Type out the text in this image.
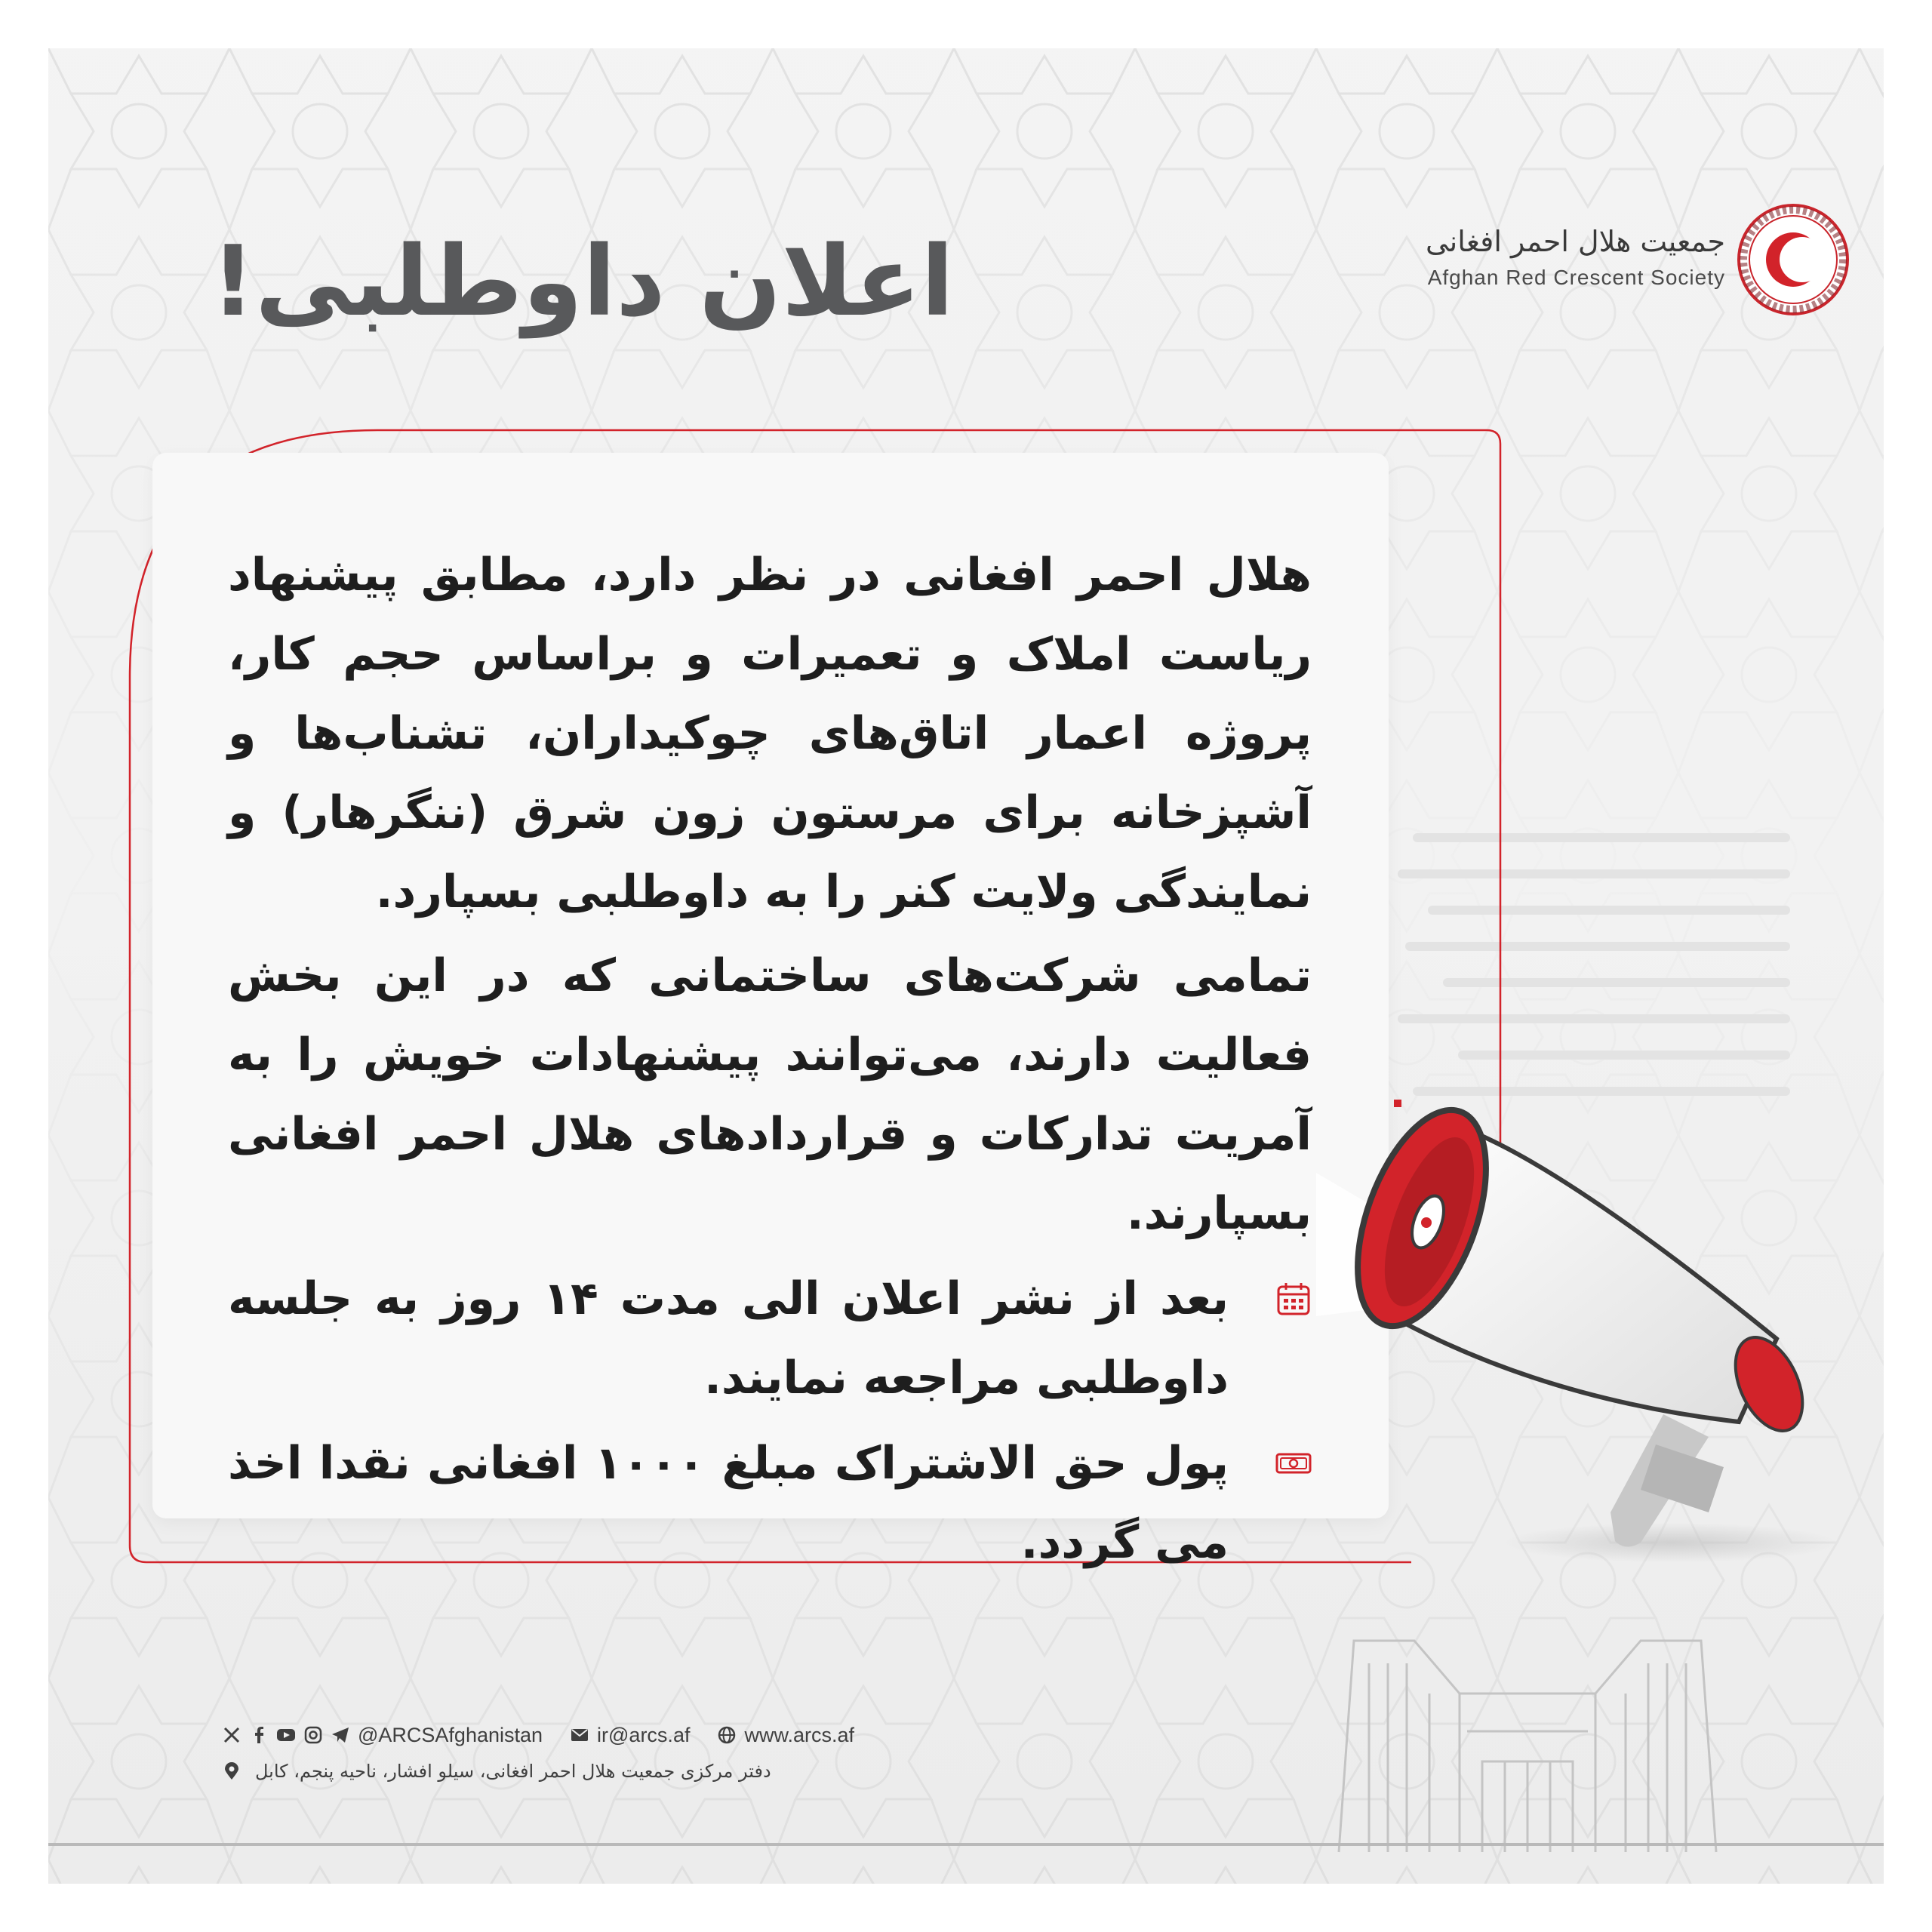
اعلان داوطلبی!	جمعیت هلال احمر افغانی
Afghan Red Crescent Society

هلال احمر افغانی در نظر دارد، مطابق پیشنهاد ریاست املاک و تعمیرات و براساس حجم کار، پروژه اعمار اتاق‌های چوکیداران، تشناب‌ها و آشپزخانه برای مرستون زون شرق (ننگرهار) و نمایندگی ولایت کنر را به داوطلبی بسپارد.

تمامی شرکت‌های ساختمانی که در این بخش فعالیت دارند، می‌توانند پیشنهادات خویش را به آمریت تدارکات و قراردادهای هلال احمر افغانی بسپارند.

بعد از نشر اعلان الی مدت ۱۴ روز به جلسه داوطلبی مراجعه نمایند.
پول حق الاشتراک مبلغ ۱۰۰۰ افغانی نقدا اخذ می گردد.
@ARCSAfghanistan	ir@arcs.af	www.arcs.af
دفتر مرکزی جمعیت هلال احمر افغانی، سیلو افشار، ناحیه پنجم، کابل
